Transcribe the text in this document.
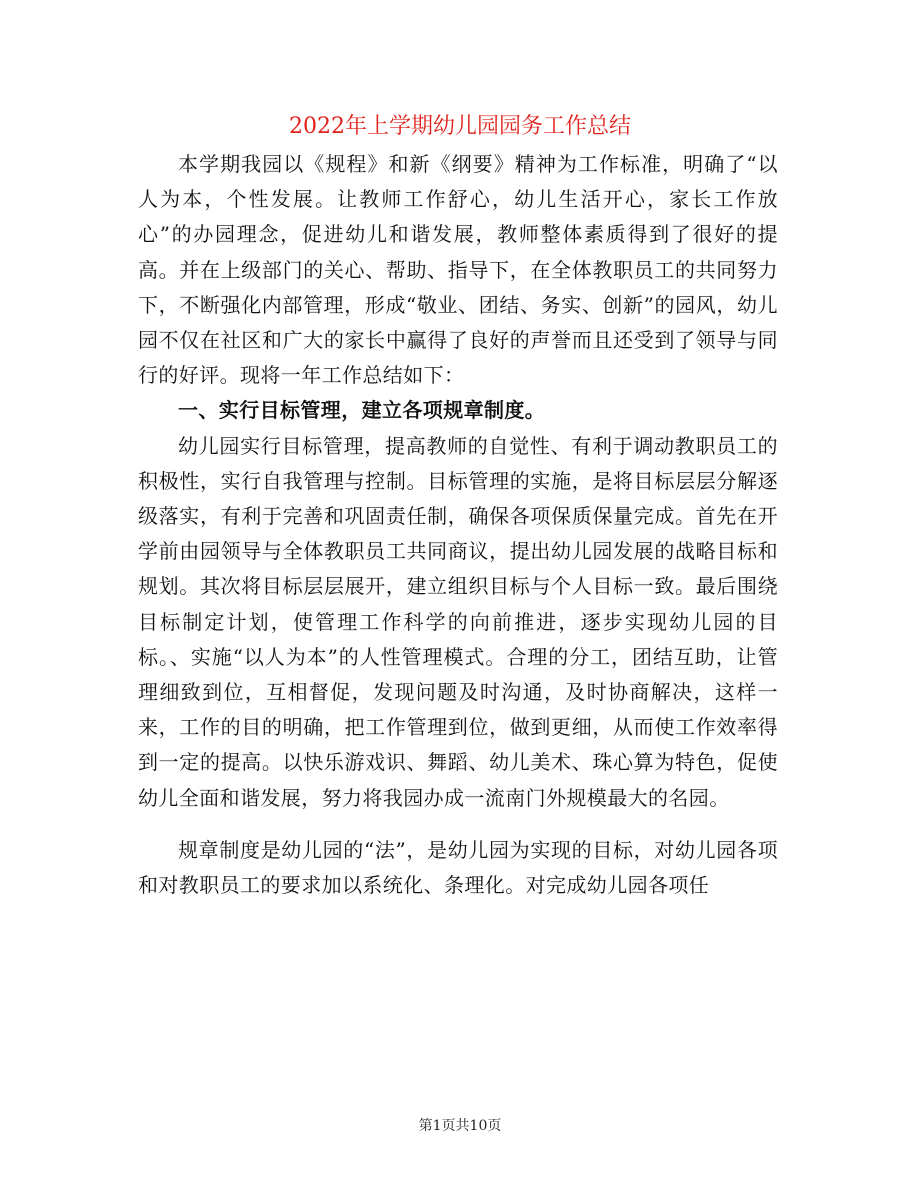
2022年上学期幼儿园园务工作总结

本学期我园以《规程》和新《纲要》精神为工作标准，明确了“以人为本，个性发展。让教师工作舒心，幼儿生活开心，家长工作放心”的办园理念，促进幼儿和谐发展，教师整体素质得到了很好的提高。并在上级部门的关心、帮助、指导下，在全体教职员工的共同努力下，不断强化内部管理，形成“敬业、团结、务实、创新”的园风，幼儿园不仅在社区和广大的家长中赢得了良好的声誉而且还受到了领导与同行的好评。现将一年工作总结如下：

一、实行目标管理，建立各项规章制度。

幼儿园实行目标管理，提高教师的自觉性、有利于调动教职员工的积极性，实行自我管理与控制。目标管理的实施，是将目标层层分解逐级落实，有利于完善和巩固责任制，确保各项保质保量完成。首先在开学前由园领导与全体教职员工共同商议，提出幼儿园发展的战略目标和规划。其次将目标层层展开，建立组织目标与个人目标一致。最后围绕目标制定计划，使管理工作科学的向前推进，逐步实现幼儿园的目标。、实施“以人为本”的人性管理模式。合理的分工，团结互助，让管理细致到位，互相督促，发现问题及时沟通，及时协商解决，这样一来，工作的目的明确，把工作管理到位，做到更细，从而使工作效率得到一定的提高。以快乐游戏识、舞蹈、幼儿美术、珠心算为特色，促使幼儿全面和谐发展，努力将我园办成一流南门外规模最大的名园。

规章制度是幼儿园的“法”，是幼儿园为实现的目标，对幼儿园各项和对教职员工的要求加以系统化、条理化。对完成幼儿园各项任

第1页共10页
